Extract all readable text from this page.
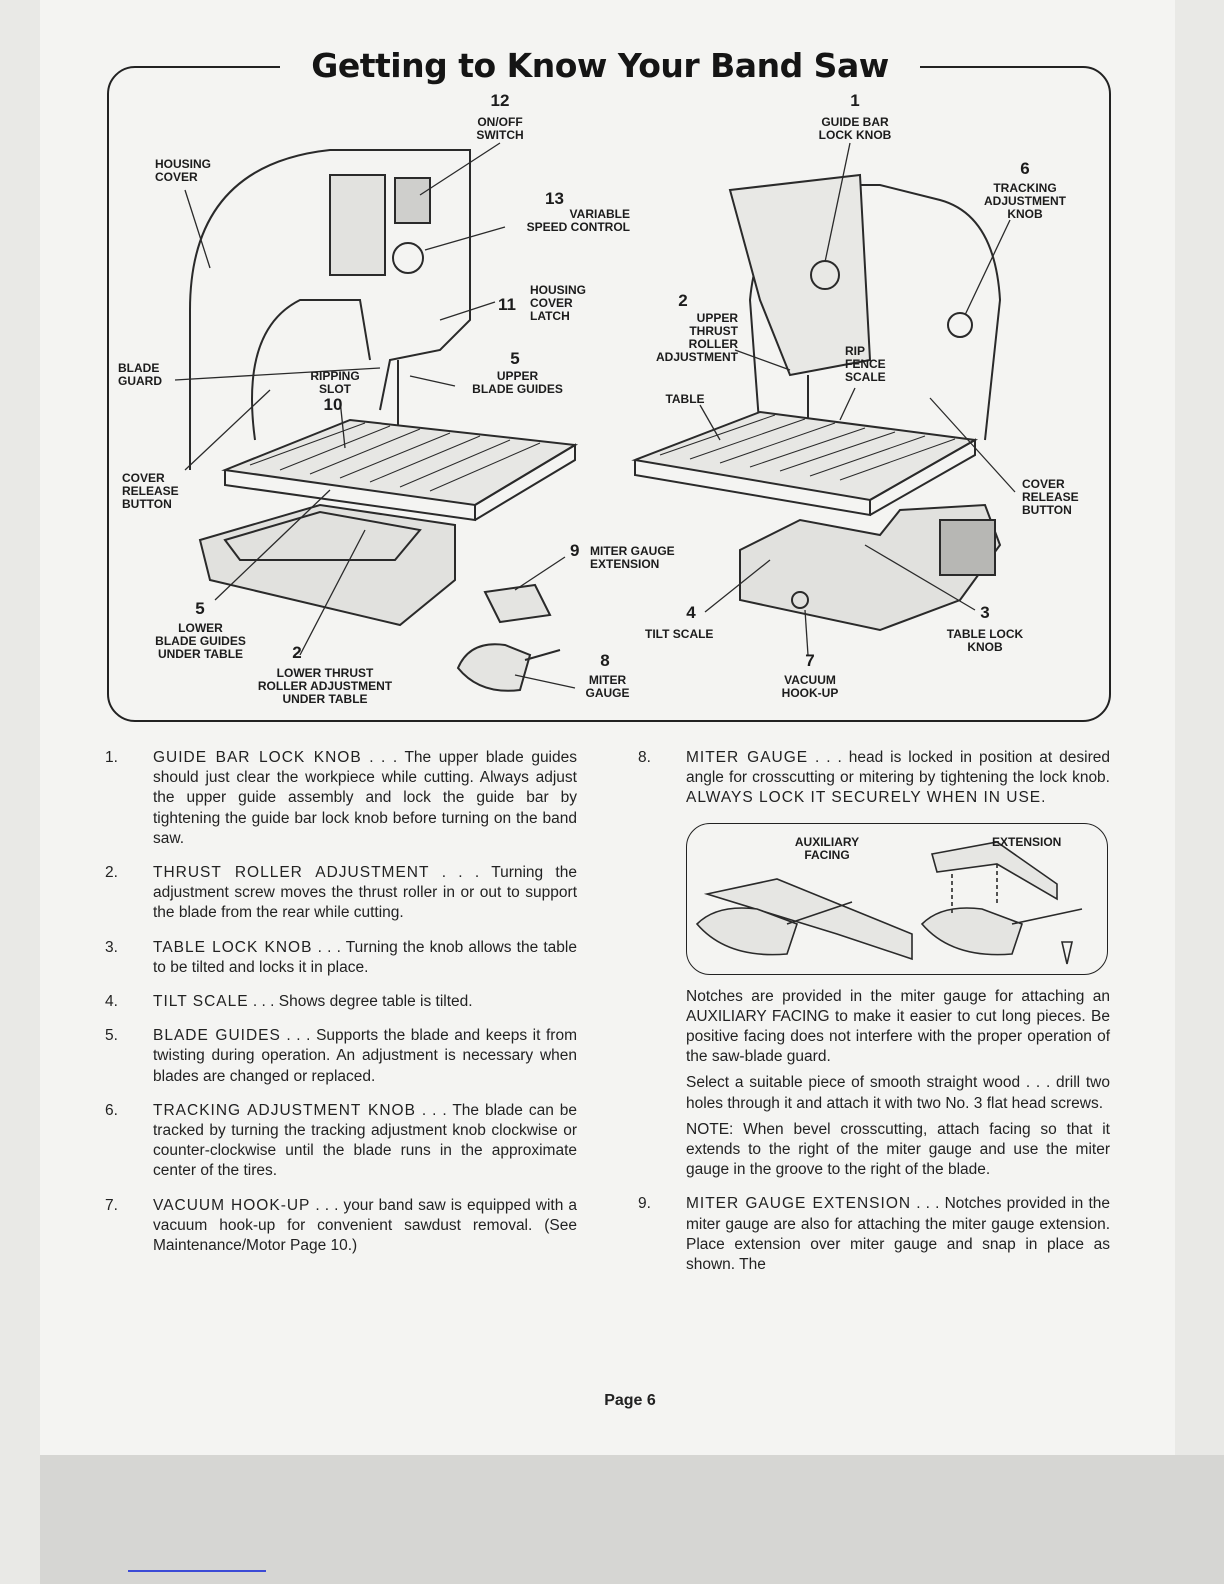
Getting to Know Your Band Saw
12
ON/OFF
SWITCH
1
GUIDE BAR
LOCK KNOB
HOUSING
COVER	6
TRACKING
ADJUSTMENT
KNOB
13
VARIABLE
SPEED CONTROL
HOUSING
COVER
LATCH
11	2
UPPER
THRUST
ROLLER
ADJUSTMENT	RIP
FENCE
SCALE
BLADE
GUARD	RIPPING
SLOT
10
5
UPPER
BLADE GUIDES
TABLE
COVER
RELEASE
BUTTON
COVER
RELEASE
BUTTON
9 MITER GAUGE
EXTENSION
5
LOWER
BLADE GUIDES
UNDER TABLE
4
TILT SCALE
3
TABLE LOCK
KNOB
2
LOWER THRUST
ROLLER ADJUSTMENT
UNDER TABLE
8
MITER
GAUGE
7
VACUUM
HOOK-UP
1.	GUIDE BAR LOCK KNOB . . . The upper blade guides should just clear the workpiece while cutting. Always adjust the upper guide assembly and lock the guide bar by tightening the guide bar lock knob before turning on the band saw.
2.	THRUST ROLLER ADJUSTMENT . . . Turning the adjustment screw moves the thrust roller in or out to support the blade from the rear while cutting.
3.	TABLE LOCK KNOB . . . Turning the knob allows the table to be tilted and locks it in place.
4.	TILT SCALE . . . Shows degree table is tilted.
5.	BLADE GUIDES . . . Supports the blade and keeps it from twisting during operation. An adjustment is necessary when blades are changed or replaced.
6.	TRACKING ADJUSTMENT KNOB . . . The blade can be tracked by turning the tracking adjustment knob clockwise or counter-clockwise until the blade runs in the approximate center of the tires.
7.	VACUUM HOOK-UP . . . your band saw is equipped with a vacuum hook-up for convenient sawdust removal. (See Maintenance/Motor Page 10.)
8.	MITER GAUGE . . . head is locked in position at desired angle for crosscutting or mitering by tightening the lock knob. ALWAYS LOCK IT SECURELY WHEN IN USE.
AUXILIARY
FACING
EXTENSION
Notches are provided in the miter gauge for attaching an AUXILIARY FACING to make it easier to cut long pieces. Be positive facing does not interfere with the proper operation of the saw-blade guard.
Select a suitable piece of smooth straight wood . . . drill two holes through it and attach it with two No. 3 flat head screws.
NOTE: When bevel crosscutting, attach facing so that it extends to the right of the miter gauge and use the miter gauge in the groove to the right of the blade.
9.	MITER GAUGE EXTENSION . . . Notches provided in the miter gauge are also for attaching the miter gauge extension. Place extension over miter gauge and snap in place as shown. The
Page 6
